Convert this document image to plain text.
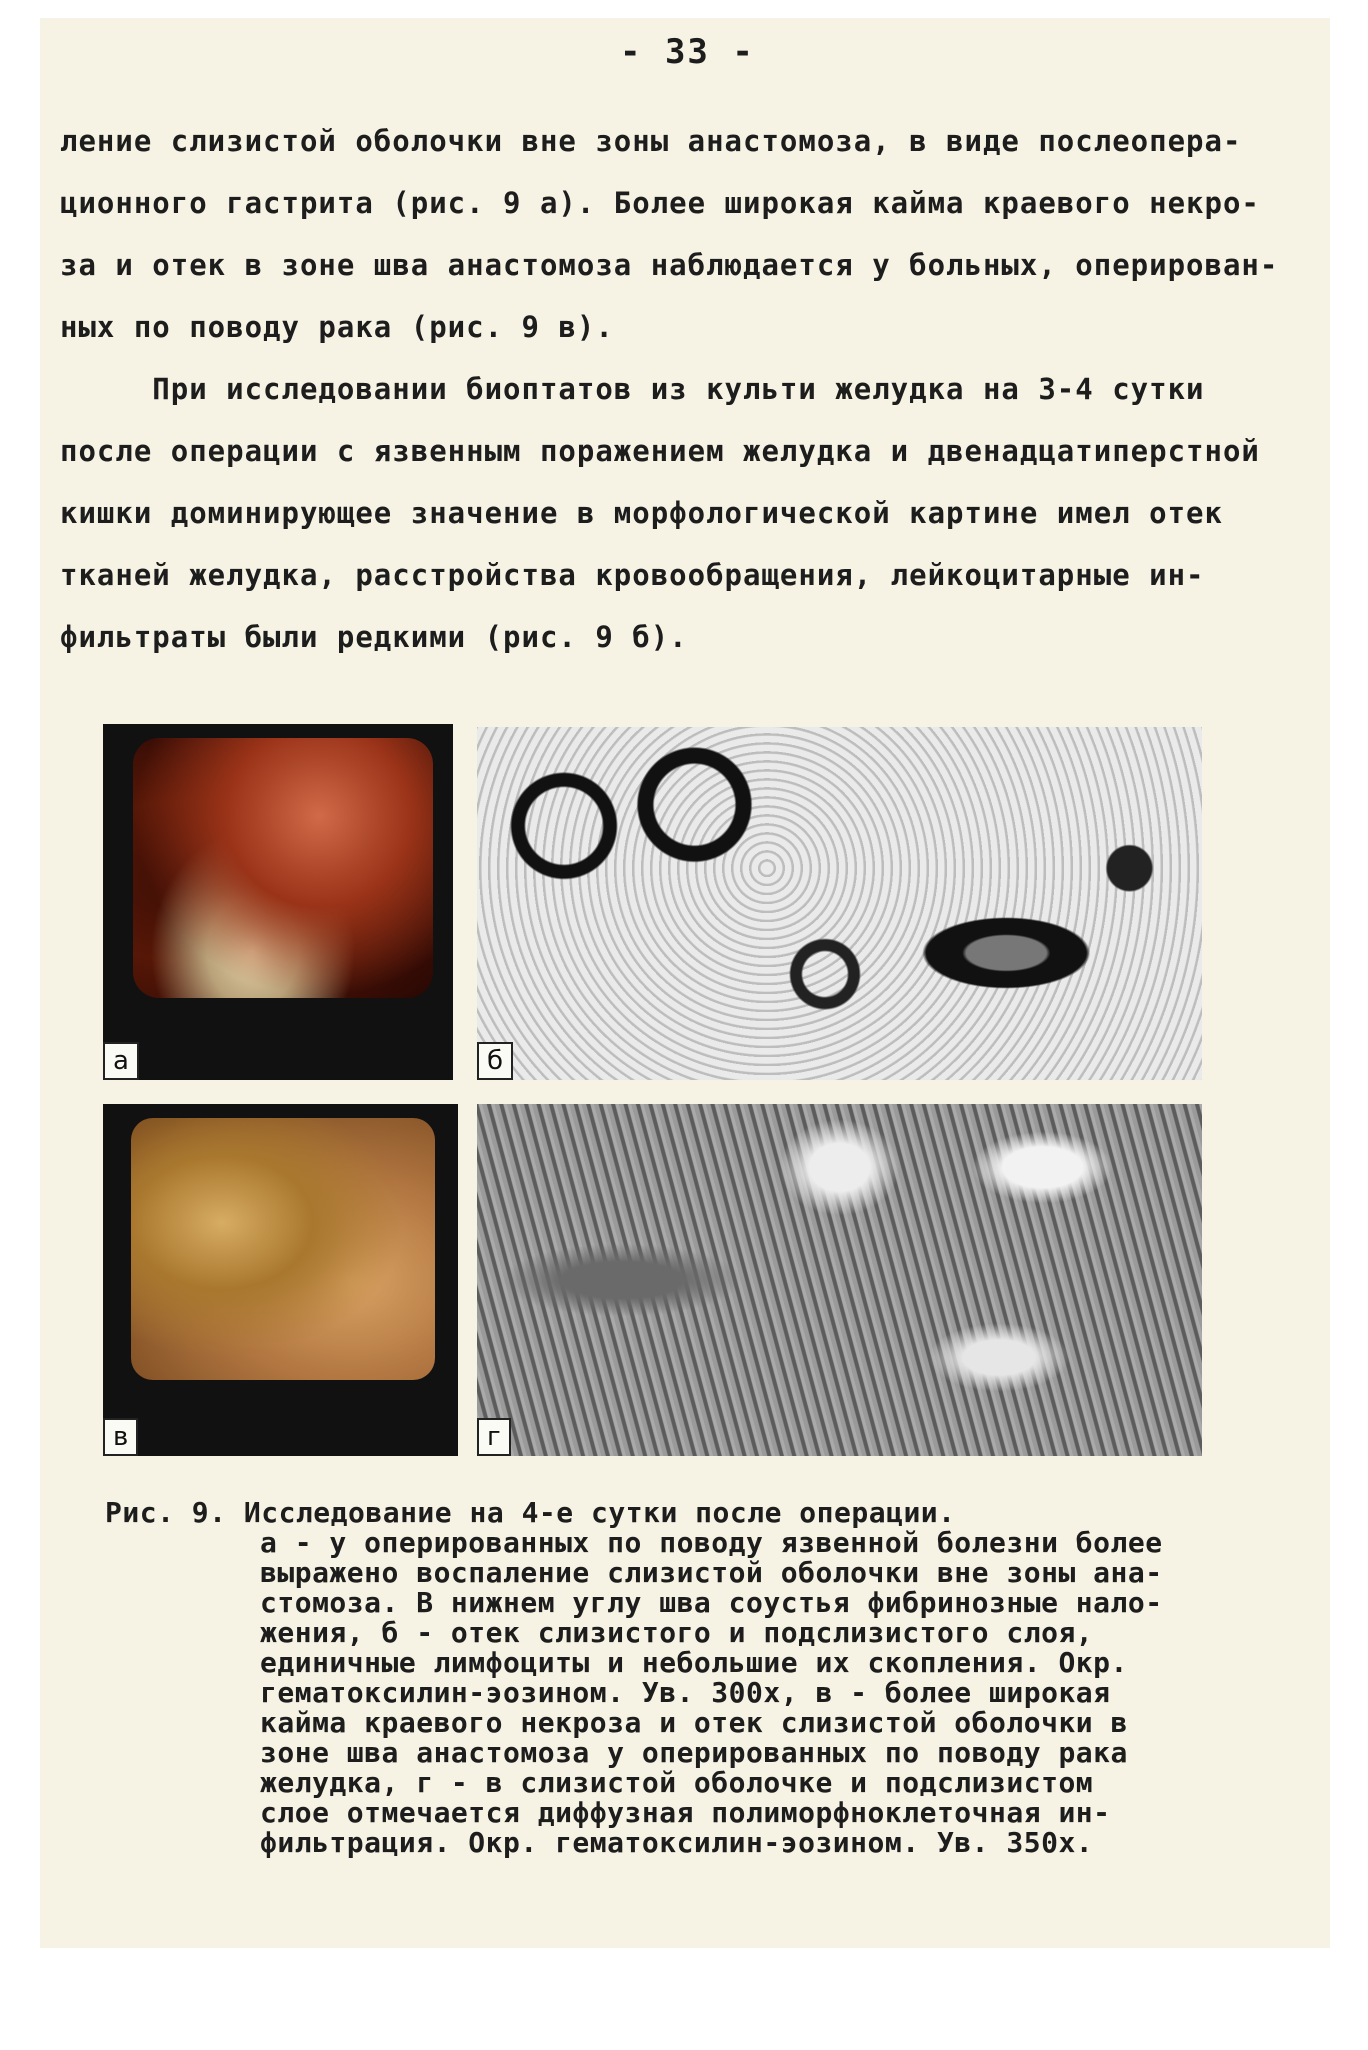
- 33 -
ление слизистой оболочки вне зоны анастомоза, в виде послеопера-
ционного гастрита (рис. 9 а). Более широкая кайма краевого некро-
за и отек в зоне шва анастомоза наблюдается у больных, оперирован-
ных по поводу рака (рис. 9 в).
При исследовании биоптатов из культи желудка на 3-4 сутки
после операции с язвенным поражением желудка и двенадцатиперстной
кишки доминирующее значение в морфологической картине имел отек
тканей желудка, расстройства кровообращения, лейкоцитарные ин-
фильтраты были редкими (рис. 9 б).
а	б
в	г
Рис. 9. Исследование на 4-е сутки после операции.
а - у оперированных по поводу язвенной болезни более
выражено воспаление слизистой оболочки вне зоны ана-
стомоза. В нижнем углу шва соустья фибринозные нало-
жения, б - отек слизистого и подслизистого слоя,
единичные лимфоциты и небольшие их скопления. Окр.
гематоксилин-эозином. Ув. 300х, в - более широкая
кайма краевого некроза и отек слизистой оболочки в
зоне шва анастомоза у оперированных по поводу рака
желудка, г - в слизистой оболочке и подслизистом
слое отмечается диффузная полиморфноклеточная ин-
фильтрация. Окр. гематоксилин-эозином. Ув. 350х.
